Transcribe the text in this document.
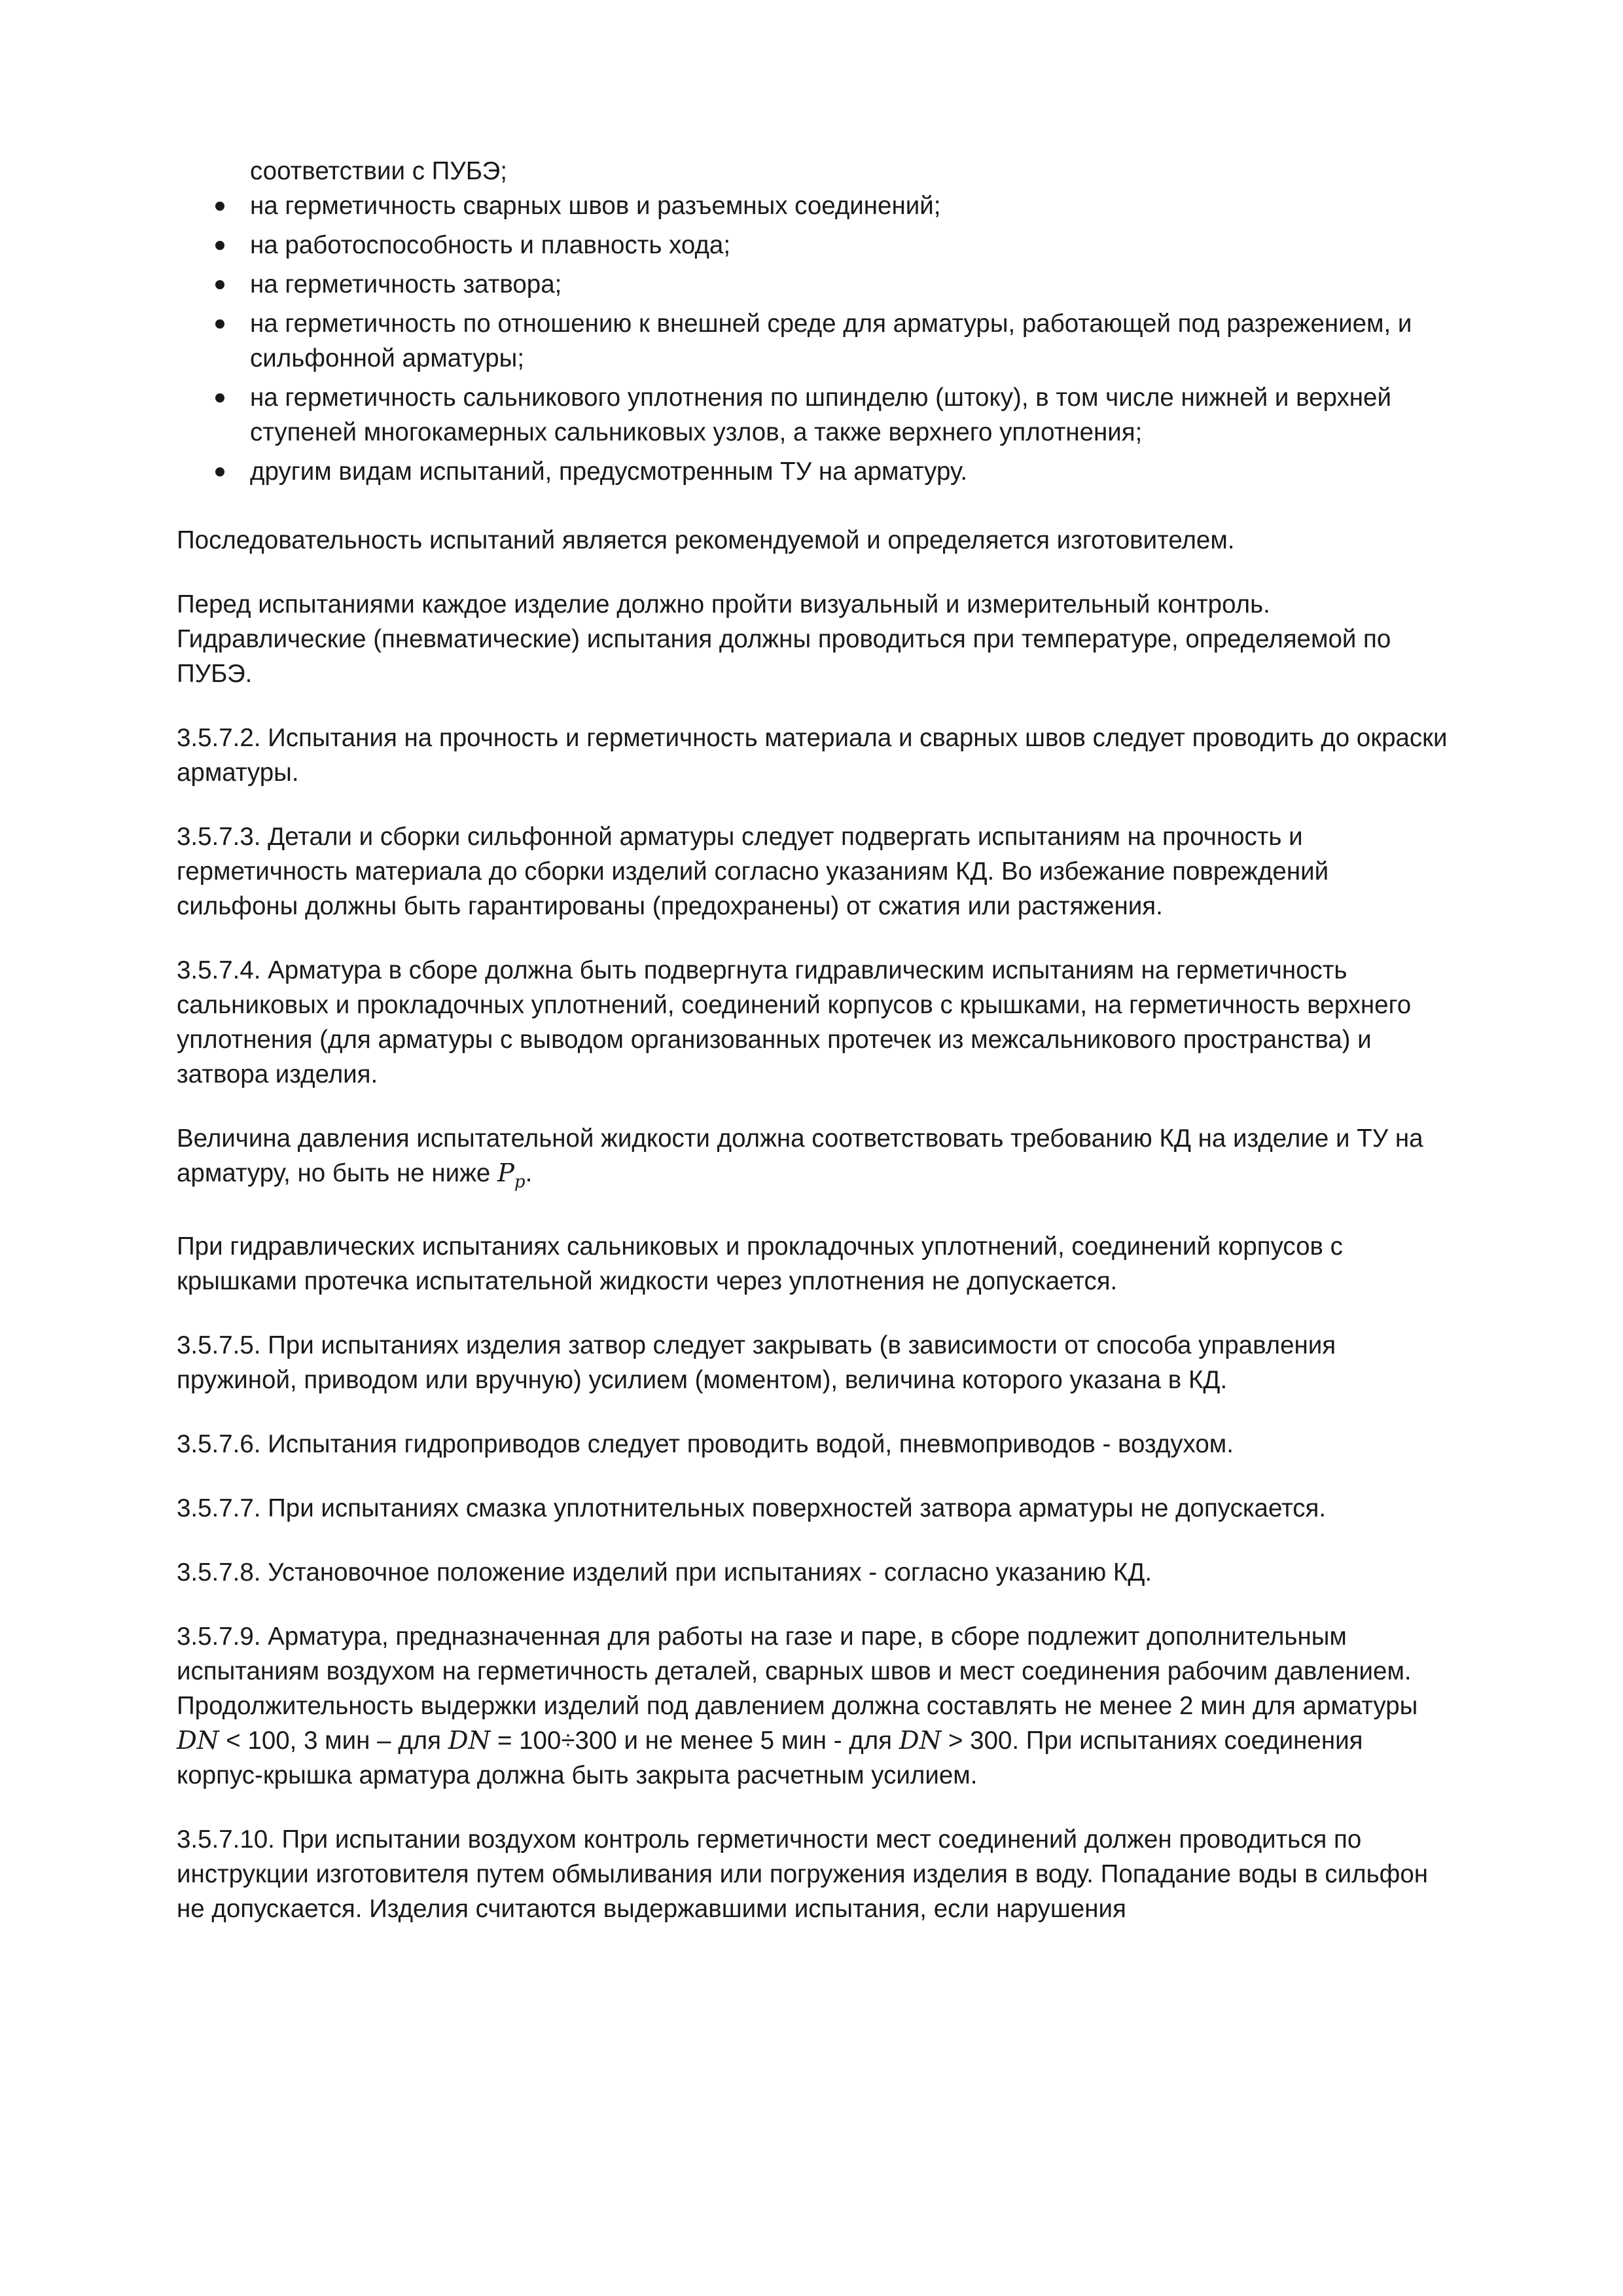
соответствии с ПУБЭ;
на герметичность сварных швов и разъемных соединений;
на работоспособность и плавность хода;
на герметичность затвора;
на герметичность по отношению к внешней среде для арматуры, работающей под разрежением, и сильфонной арматуры;
на герметичность сальникового уплотнения по шпинделю (штоку), в том числе нижней и верхней ступеней многокамерных сальниковых узлов, а также верхнего уплотнения;
другим видам испытаний, предусмотренным ТУ на арматуру.

Последовательность испытаний является рекомендуемой и определяется изготовителем.

Перед испытаниями каждое изделие должно пройти визуальный и измерительный контроль. Гидравлические (пневматические) испытания должны проводиться при температуре, определяемой по ПУБЭ.

3.5.7.2. Испытания на прочность и герметичность материала и сварных швов следует проводить до окраски арматуры.

3.5.7.3. Детали и сборки сильфонной арматуры следует подвергать испытаниям на прочность и герметичность материала до сборки изделий согласно указаниям КД. Во избежание повреждений сильфоны должны быть гарантированы (предохранены) от сжатия или растяжения.

3.5.7.4. Арматура в сборе должна быть подвергнута гидравлическим испытаниям на герметичность сальниковых и прокладочных уплотнений, соединений корпусов с крышками, на герметичность верхнего уплотнения (для арматуры с выводом организованных протечек из межсальникового пространства) и затвора изделия.

Величина давления испытательной жидкости должна соответствовать требованию КД на изделие и ТУ на арматуру, но быть не ниже $P_p$.

При гидравлических испытаниях сальниковых и прокладочных уплотнений, соединений корпусов с крышками протечка испытательной жидкости через уплотнения не допускается.

3.5.7.5. При испытаниях изделия затвор следует закрывать (в зависимости от способа управления пружиной, приводом или вручную) усилием (моментом), величина которого указана в КД.

3.5.7.6. Испытания гидроприводов следует проводить водой, пневмоприводов - воздухом.

3.5.7.7. При испытаниях смазка уплотнительных поверхностей затвора арматуры не допускается.

3.5.7.8. Установочное положение изделий при испытаниях - согласно указанию КД.

3.5.7.9. Арматура, предназначенная для работы на газе и паре, в сборе подлежит дополнительным испытаниям воздухом на герметичность деталей, сварных швов и мест соединения рабочим давлением. Продолжительность выдержки изделий под давлением должна составлять не менее 2 мин для арматуры DN < 100, 3 мин – для DN = 100÷300 и не менее 5 мин - для DN > 300. При испытаниях соединения корпус-крышка арматура должна быть закрыта расчетным усилием.

3.5.7.10. При испытании воздухом контроль герметичности мест соединений должен проводиться по инструкции изготовителя путем обмыливания или погружения изделия в воду. Попадание воды в сильфон не допускается. Изделия считаются выдержавшими испытания, если нарушения
